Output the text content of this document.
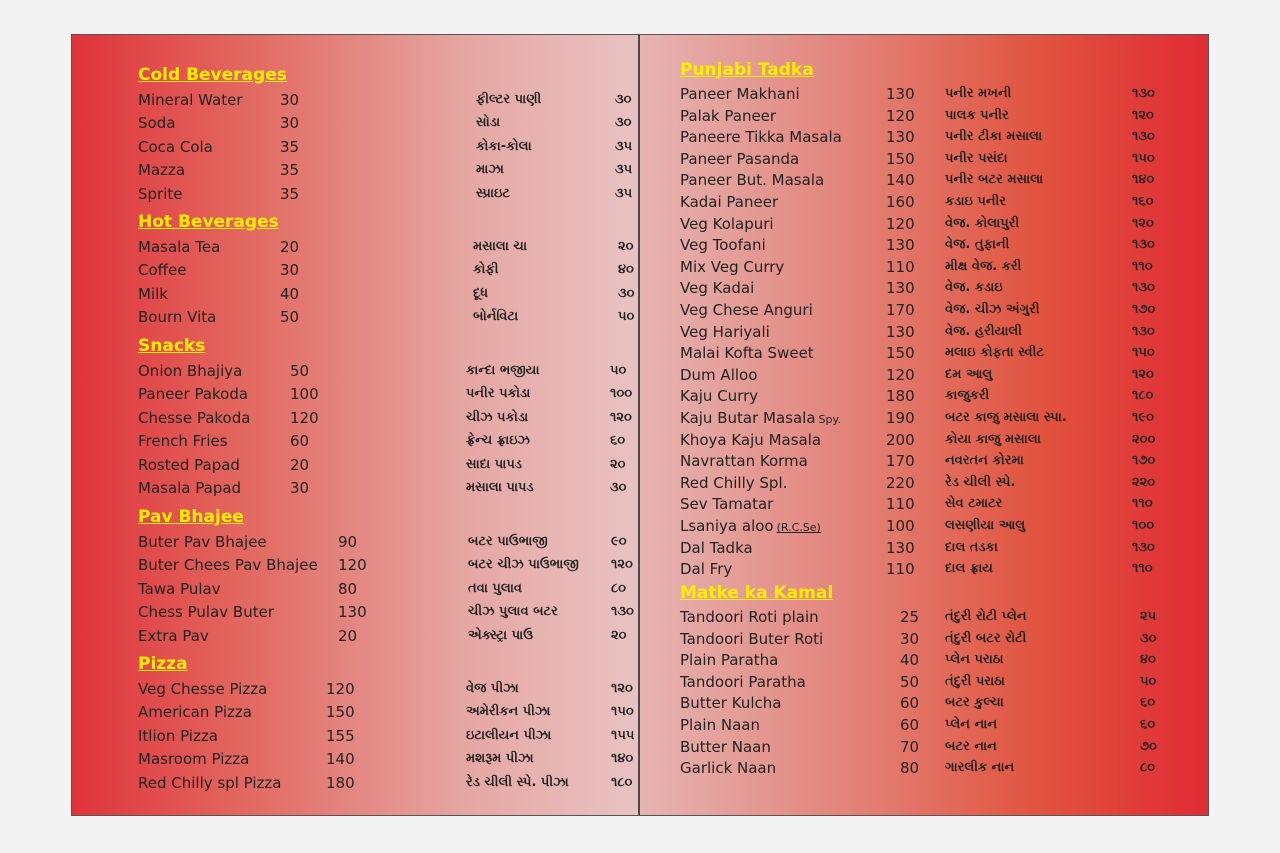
Cold Beverages
Mineral Water	30	ફીલ્ટર પાણી	૩૦
Soda	30	સોડા	૩૦
Coca Cola	35	કોકા-કોલા	૩૫
Mazza	35	માઝા	૩૫
Sprite	35	સ્પ્રાઇટ	૩૫
Hot Beverages
Masala Tea	20	મસાલા ચા	૨૦
Coffee	30	કોફી	૪૦
Milk	40	દૂધ	૩૦
Bourn Vita	50	બોર્નવિટા	૫૦
Snacks
Onion Bhajiya	50	કાન્દા ભજીયા	૫૦
Paneer Pakoda	100	પનીર પકોડા	૧૦૦
Chesse Pakoda	120	ચીઝ પકોડા	૧૨૦
French Fries	60	ફ્રેન્ચ ફ્રાઇઝ	૬૦
Rosted Papad	20	સાદા પાપડ	૨૦
Masala Papad	30	મસાલા પાપડ	૩૦
Pav Bhajee
Buter Pav Bhajee	90	બટર પાઉભાજી	૯૦
Buter Chees Pav Bhajee 120	બટર ચીઝ પાઉભાજી ૧૨૦
Tawa Pulav	80	તવા પુલાવ	૮૦
Chess Pulav Buter	130	ચીઝ પુલાવ બટર	૧૩૦
Extra Pav	20	એક્સ્ટ્રા પાઉ	૨૦
Pizza
Veg Chesse Pizza	120	વેજ પીઝા	૧૨૦
American Pizza	150	અમેરીકન પીઝા	૧૫૦
Itlion Pizza	155	ઇટાલીયન પીઝા	૧૫૫
Masroom Pizza	140	મશરૂમ પીઝા	૧૪૦
Red Chilly spl Pizza	180	રેડ ચીલી સ્પે. પીઝા	૧૮૦
Punjabi Tadka
Paneer Makhani	130 પનીર મખની	૧૩૦
Palak Paneer	120 પાલક પનીર	૧૨૦
Paneere Tikka Masala	130 પનીર ટીકા મસાલા	૧૩૦
Paneer Pasanda	150 પનીર પસંદા	૧૫૦
Paneer But. Masala	140 પનીર બટર મસાલા	૧૪૦
Kadai Paneer	160 કડાઇ પનીર	૧૬૦
Veg Kolapuri	120 વેજ. કોલાપુરી	૧૨૦
Veg Toofani	130 વેજ. તુફાની	૧૩૦
Mix Veg Curry	110 મીક્ષ વેજ. કરી	૧૧૦
Veg Kadai	130 વેજ. કડાઇ	૧૩૦
Veg Chese Anguri	170 વેજ. ચીઝ અંગુરી	૧૭૦
Veg Hariyali	130 વેજ. હરીયાલી	૧૩૦
Malai Kofta Sweet	150 મલાઇ કોફતા સ્વીટ	૧૫૦
Dum Alloo	120 દમ આલુ	૧૨૦
Kaju Curry	180 કાજુકરી	૧૮૦
Kaju Butar Masala Spy.	190 બટર કાજુ મસાલા સ્પા.	૧૯૦
Khoya Kaju Masala	200 કોયા કાજુ મસાલા	૨૦૦
Navrattan Korma	170 નવરતન કોરમા	૧૭૦
Red Chilly Spl.	220 રેડ ચીલી સ્પે.	૨૨૦
Sev Tamatar	110 સેવ ટમાટર	૧૧૦
Lsaniya aloo (R.C.Se)	100 લસણીયા આલુ	૧૦૦
Dal Tadka	130 દાલ તડકા	૧૩૦
Dal Fry	110 દાલ ફ્રાય	૧૧૦
Matke ka Kamal
Tandoori Roti plain	25 તંદુરી રોટી પ્લેન	૨૫
Tandoori Buter Roti	30 તંદુરી બટર રોટી	૩૦
Plain Paratha	40 પ્લેન પરાઠા	૪૦
Tandoori Paratha	50 તંદુરી પરાઠા	૫૦
Butter Kulcha	60 બટર કુલ્ચા	૬૦
Plain Naan	60 પ્લેન નાન	૬૦
Butter Naan	70 બટર નાન	૭૦
Garlick Naan	80 ગારલીક નાન	૮૦
